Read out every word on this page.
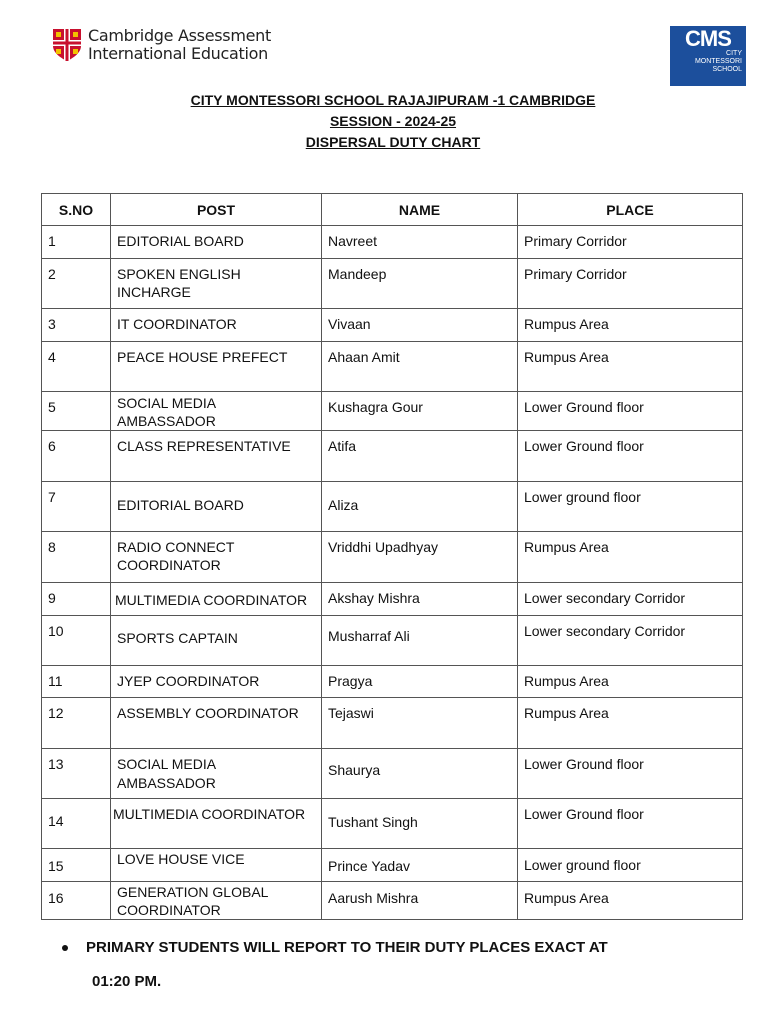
Cambridge Assessment
International Education
CMS
CITY
MONTESSORI
SCHOOL
CITY MONTESSORI SCHOOL RAJAJIPURAM -1 CAMBRIDGE
SESSION - 2024-25
DISPERSAL DUTY CHART
S.NO	POST	NAME	PLACE
1	EDITORIAL BOARD	Navreet	Primary Corridor
2	SPOKEN ENGLISH INCHARGE	Mandeep	Primary Corridor
3	IT COORDINATOR	Vivaan	Rumpus Area
4	PEACE HOUSE PREFECT	Ahaan Amit	Rumpus Area
5	SOCIAL MEDIA AMBASSADOR	Kushagra Gour	Lower Ground floor
6	CLASS REPRESENTATIVE	Atifa	Lower Ground floor
7	EDITORIAL BOARD	Aliza	Lower ground floor
8	RADIO CONNECT COORDINATOR	Vriddhi Upadhyay	Rumpus Area
9	MULTIMEDIA COORDINATOR	Akshay Mishra	Lower secondary Corridor
10	SPORTS CAPTAIN	Musharraf Ali	Lower secondary Corridor
11	JYEP COORDINATOR	Pragya	Rumpus Area
12	ASSEMBLY COORDINATOR	Tejaswi	Rumpus Area
13	SOCIAL MEDIA AMBASSADOR	Shaurya	Lower Ground floor
14	MULTIMEDIA COORDINATOR	Tushant Singh	Lower Ground floor
15	LOVE HOUSE VICE	Prince Yadav	Lower ground floor
16	GENERATION GLOBAL COORDINATOR	Aarush Mishra	Rumpus Area
PRIMARY STUDENTS WILL REPORT TO THEIR DUTY PLACES EXACT AT
01:20 PM.
